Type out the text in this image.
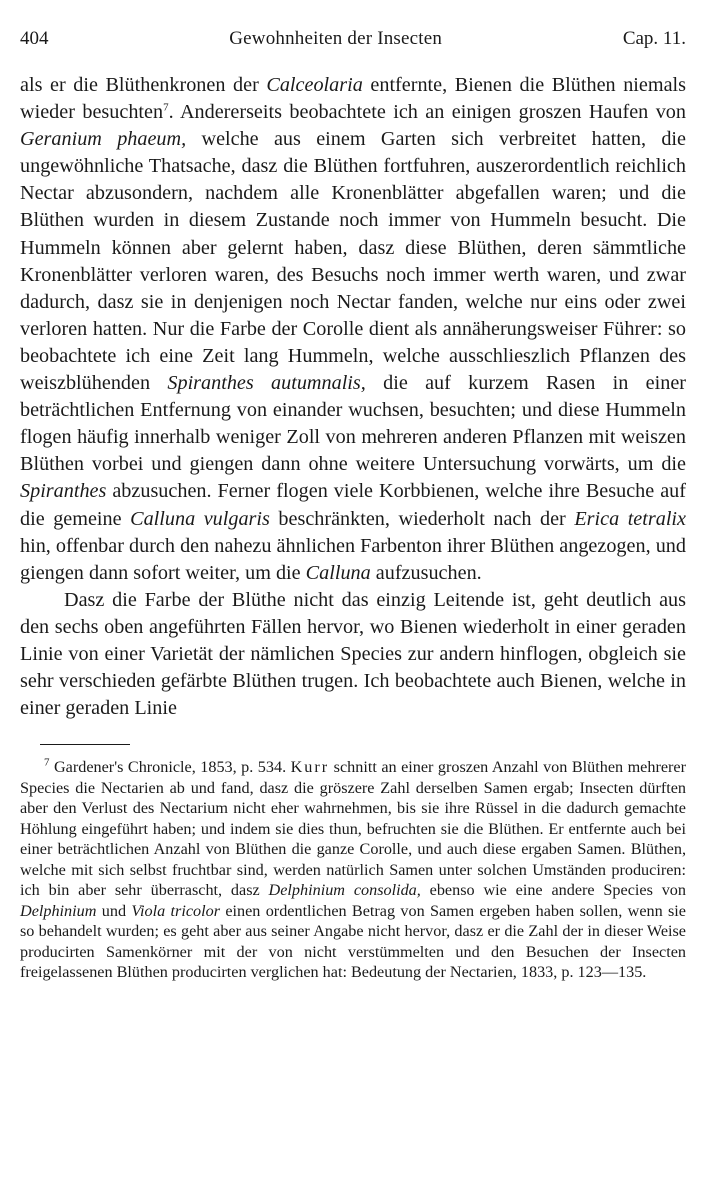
404	Gewohnheiten der Insecten	Cap. 11.

als er die Blüthenkronen der Calceolaria entfernte, Bienen die Blüthen niemals wieder besuchten$^7$. Andererseits beobachtete ich an einigen groszen Haufen von Geranium phaeum, welche aus einem Garten sich verbreitet hatten, die ungewöhnliche Thatsache, dasz die Blüthen fortfuhren, auszerordentlich reichlich Nectar abzusondern, nachdem alle Kronenblätter abgefallen waren; und die Blüthen wurden in diesem Zustande noch immer von Hummeln besucht. Die Hummeln können aber gelernt haben, dasz diese Blüthen, deren sämmtliche Kronenblätter verloren waren, des Besuchs noch immer werth waren, und zwar dadurch, dasz sie in denjenigen noch Nectar fanden, welche nur eins oder zwei verloren hatten. Nur die Farbe der Corolle dient als annäherungsweiser Führer: so beobachtete ich eine Zeit lang Hummeln, welche ausschlieszlich Pflanzen des weiszblühenden Spiranthes autumnalis, die auf kurzem Rasen in einer beträchtlichen Entfernung von einander wuchsen, besuchten; und diese Hummeln flogen häufig innerhalb weniger Zoll von mehreren anderen Pflanzen mit weiszen Blüthen vorbei und giengen dann ohne weitere Untersuchung vorwärts, um die Spiranthes abzusuchen. Ferner flogen viele Korbbienen, welche ihre Besuche auf die gemeine Calluna vulgaris beschränkten, wiederholt nach der Erica tetralix hin, offenbar durch den nahezu ähnlichen Farbenton ihrer Blüthen angezogen, und giengen dann sofort weiter, um die Calluna aufzusuchen.

Dasz die Farbe der Blüthe nicht das einzig Leitende ist, geht deutlich aus den sechs oben angeführten Fällen hervor, wo Bienen wiederholt in einer geraden Linie von einer Varietät der nämlichen Species zur andern hinflogen, obgleich sie sehr verschieden gefärbte Blüthen trugen. Ich beobachtete auch Bienen, welche in einer geraden Linie

$^7$ Gardener's Chronicle, 1853, p. 534. Kurr schnitt an einer groszen Anzahl von Blüthen mehrerer Species die Nectarien ab und fand, dasz die gröszere Zahl derselben Samen ergab; Insecten dürften aber den Verlust des Nectarium nicht eher wahrnehmen, bis sie ihre Rüssel in die dadurch gemachte Höhlung eingeführt haben; und indem sie dies thun, befruchten sie die Blüthen. Er entfernte auch bei einer beträchtlichen Anzahl von Blüthen die ganze Corolle, und auch diese ergaben Samen. Blüthen, welche mit sich selbst fruchtbar sind, werden natürlich Samen unter solchen Umständen produciren: ich bin aber sehr überrascht, dasz Delphinium consolida, ebenso wie eine andere Species von Delphinium und Viola tricolor einen ordentlichen Betrag von Samen ergeben haben sollen, wenn sie so behandelt wurden; es geht aber aus seiner Angabe nicht hervor, dasz er die Zahl der in dieser Weise producirten Samenkörner mit der von nicht verstümmelten und den Besuchen der Insecten freigelassenen Blüthen producirten verglichen hat: Bedeutung der Nectarien, 1833, p. 123—135.
